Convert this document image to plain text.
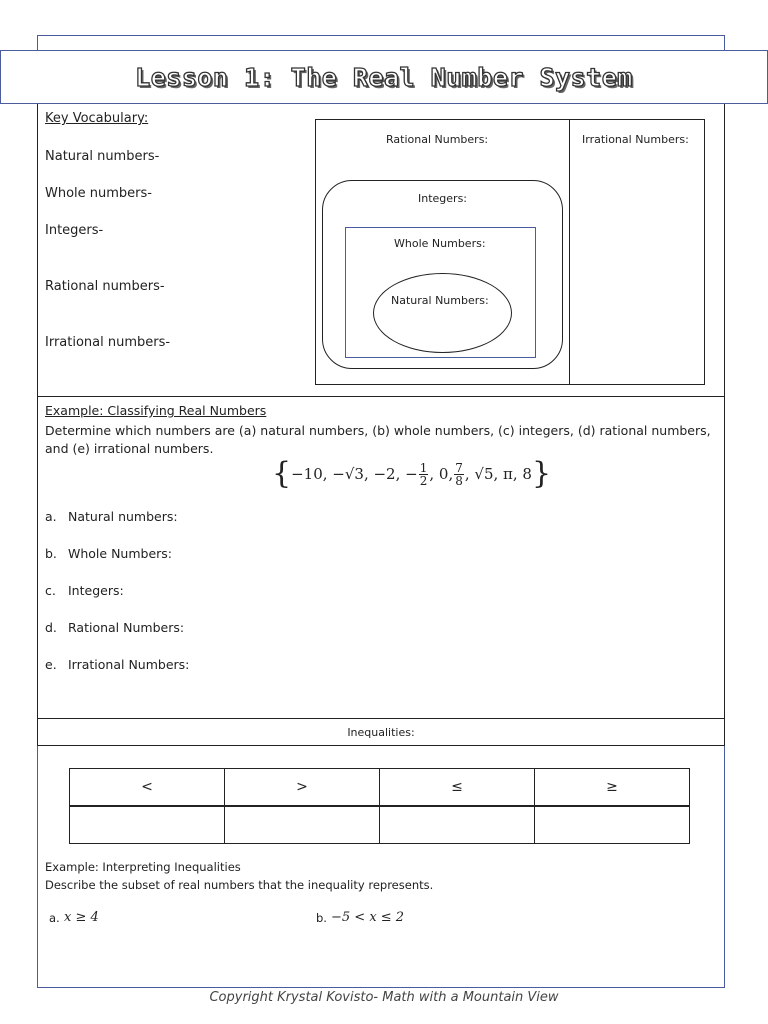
Lesson 1: The Real Number System
Key Vocabulary:
Natural numbers-
Whole numbers-
Integers-
Rational numbers-
Irrational numbers-
Rational Numbers:	Irrational Numbers:
Integers:
Whole Numbers:
Natural Numbers:
Example: Classifying Real Numbers
Determine which numbers are (a) natural numbers, (b) whole numbers, (c) integers, (d) rational numbers,
and (e) irrational numbers.
{ −10, −√3, −2, − $\frac{1}{2}$ , 0, $\frac{7}{8}$ , √5, π, 8 }
a. Natural numbers:
b. Whole Numbers:
c. Integers:
d. Rational Numbers:
e. Irrational Numbers:
Inequalities:
<	>	≤	≥

Example: Interpreting Inequalities
Describe the subset of real numbers that the inequality represents.
a. x ≥ 4	b. −5 < x ≤ 2
Copyright Krystal Kovisto- Math with a Mountain View
